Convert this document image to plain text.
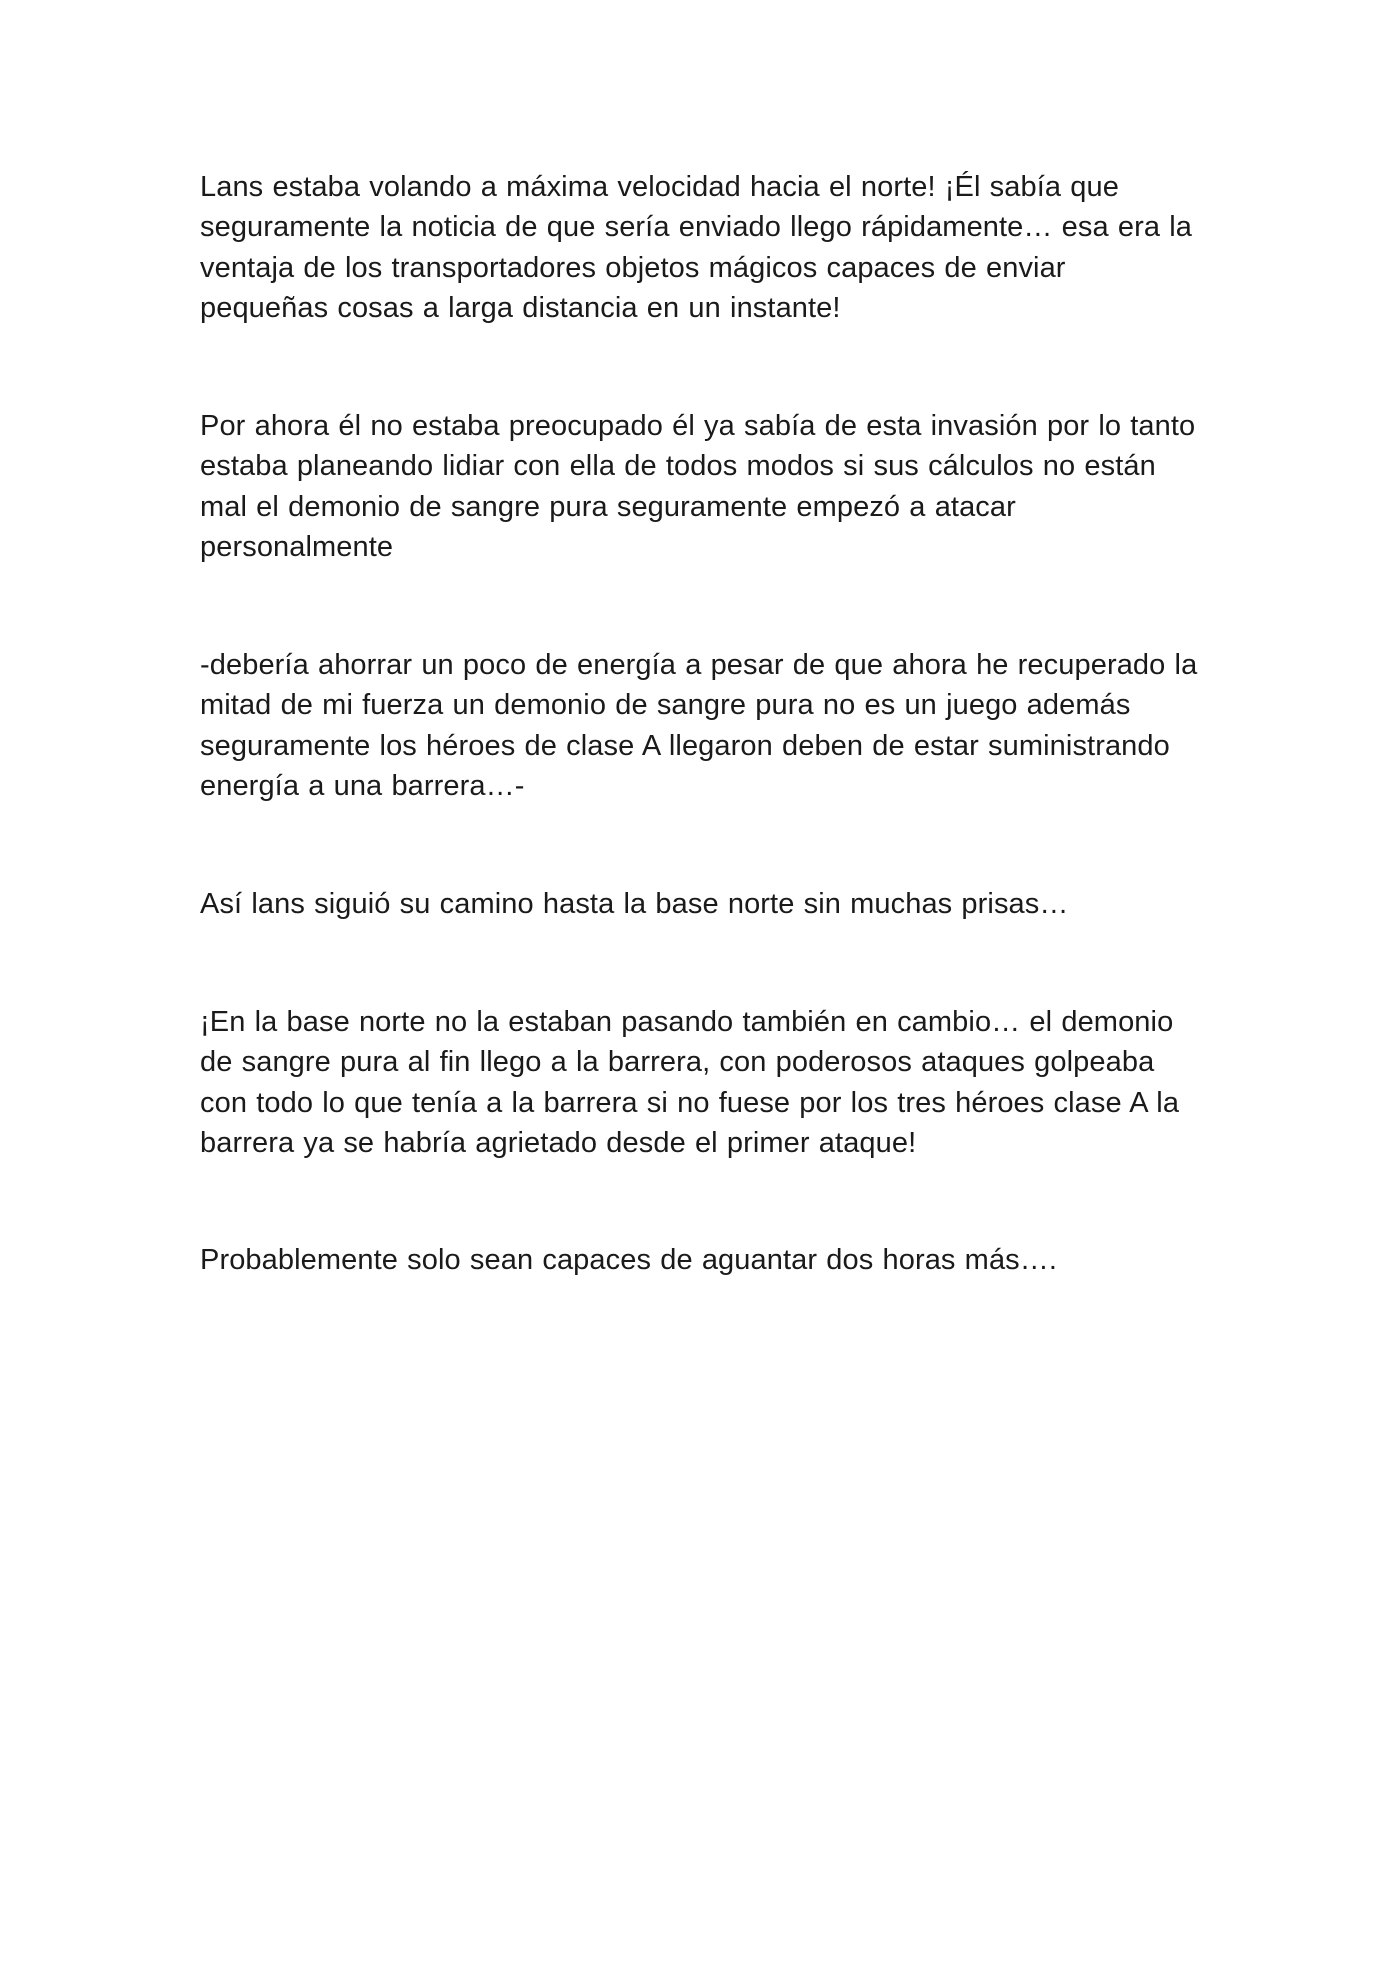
Lans estaba volando a máxima velocidad hacia el norte! ¡Él sabía que
seguramente la noticia de que sería enviado llego rápidamente… esa era la
ventaja de los transportadores objetos mágicos capaces de enviar
pequeñas cosas a larga distancia en un instante!

Por ahora él no estaba preocupado él ya sabía de esta invasión por lo tanto
estaba planeando lidiar con ella de todos modos si sus cálculos no están
mal el demonio de sangre pura seguramente empezó a atacar
personalmente

-debería ahorrar un poco de energía a pesar de que ahora he recuperado la
mitad de mi fuerza un demonio de sangre pura no es un juego además
seguramente los héroes de clase A llegaron deben de estar suministrando
energía a una barrera…-

Así lans siguió su camino hasta la base norte sin muchas prisas…

¡En la base norte no la estaban pasando también en cambio… el demonio
de sangre pura al fin llego a la barrera, con poderosos ataques golpeaba
con todo lo que tenía a la barrera si no fuese por los tres héroes clase A la
barrera ya se habría agrietado desde el primer ataque!

Probablemente solo sean capaces de aguantar dos horas más….
